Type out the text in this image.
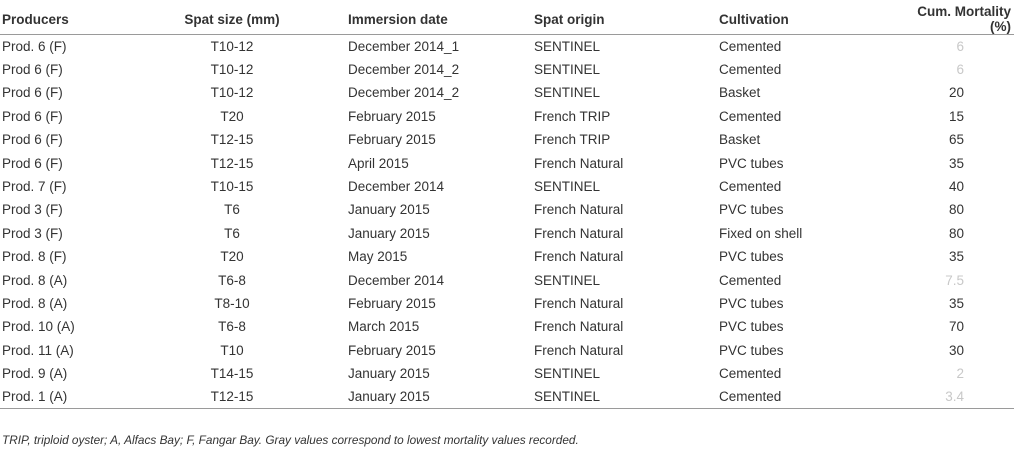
Producers	Spat size (mm)	Immersion date	Spat origin	Cultivation	Cum. Mortality (%)
Prod. 6 (F)	T10-12	December 2014_1	SENTINEL	Cemented	6
Prod 6 (F)	T10-12	December 2014_2	SENTINEL	Cemented	6
Prod 6 (F)	T10-12	December 2014_2	SENTINEL	Basket	20
Prod 6 (F)	T20	February 2015	French TRIP	Cemented	15
Prod 6 (F)	T12-15	February 2015	French TRIP	Basket	65
Prod 6 (F)	T12-15	April 2015	French Natural	PVC tubes	35
Prod. 7 (F)	T10-15	December 2014	SENTINEL	Cemented	40
Prod 3 (F)	T6	January 2015	French Natural	PVC tubes	80
Prod 3 (F)	T6	January 2015	French Natural	Fixed on shell	80
Prod. 8 (F)	T20	May 2015	French Natural	PVC tubes	35
Prod. 8 (A)	T6-8	December 2014	SENTINEL	Cemented	7.5
Prod. 8 (A)	T8-10	February 2015	French Natural	PVC tubes	35
Prod. 10 (A)	T6-8	March 2015	French Natural	PVC tubes	70
Prod. 11 (A)	T10	February 2015	French Natural	PVC tubes	30
Prod. 9 (A)	T14-15	January 2015	SENTINEL	Cemented	2
Prod. 1 (A)	T12-15	January 2015	SENTINEL	Cemented	3.4
TRIP, triploid oyster; A, Alfacs Bay; F, Fangar Bay. Gray values correspond to lowest mortality values recorded.
